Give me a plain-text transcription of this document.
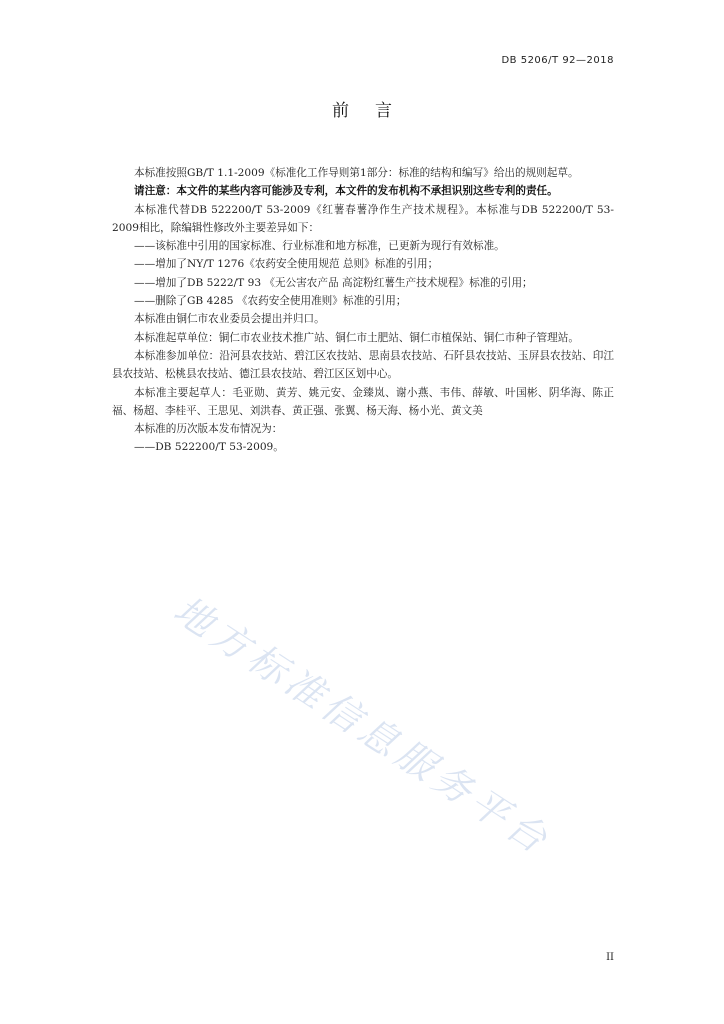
DB 5206/T 92—2018
前言

本标准按照GB/T 1.1-2009《标准化工作导则第1部分：标准的结构和编写》给出的规则起草。

请注意：本文件的某些内容可能涉及专利，本文件的发布机构不承担识别这些专利的责任。

本标准代替DB 522200/T 53-2009《红薯春薯净作生产技术规程》。本标准与DB 522200/T 53-2009相比，除编辑性修改外主要差异如下：

——该标准中引用的国家标准、行业标准和地方标准，已更新为现行有效标准。

——增加了NY/T 1276《农药安全使用规范 总则》标准的引用；

——增加了DB 5222/T 93 《无公害农产品 高淀粉红薯生产技术规程》标准的引用；

——删除了GB 4285 《农药安全使用准则》标准的引用；

本标准由铜仁市农业委员会提出并归口。

本标准起草单位：铜仁市农业技术推广站、铜仁市土肥站、铜仁市植保站、铜仁市种子管理站。

本标准参加单位：沿河县农技站、碧江区农技站、思南县农技站、石阡县农技站、玉屏县农技站、印江县农技站、松桃县农技站、德江县农技站、碧江区区划中心。

本标准主要起草人：毛亚勋、黄芳、姚元安、金臻岚、谢小燕、韦伟、薛敏、叶国彬、阴华海、陈正福、杨超、李桂平、王思见、刘洪春、黄正强、张翼、杨天海、杨小光、黄文美

本标准的历次版本发布情况为：

——DB 522200/T 53-2009。

地方标准信息服务平台
II
